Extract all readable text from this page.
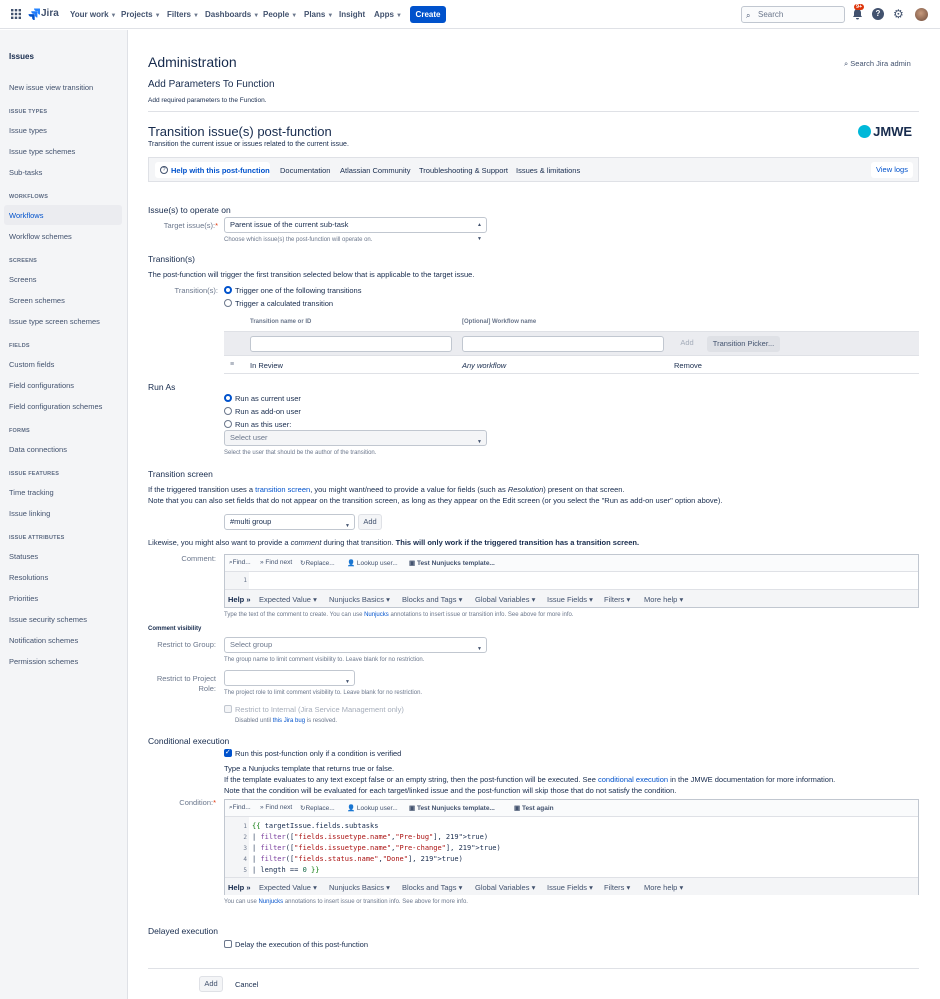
Jira Your work ▼ Projects ▼ Filters ▼ Dashboards ▼ People ▼ Plans ▼ Insight Apps ▼	Create	⌕ Search
9+
? ⚙
Issues
New issue view transition
ISSUE TYPES
Issue types
Issue type schemes
Sub-tasks
WORKFLOWS
Workflows
Workflow schemes
SCREENS
Screens
Screen schemes
Issue type screen schemes
FIELDS
Custom fields
Field configurations
Field configuration schemes
FORMS
Data connections
ISSUE FEATURES
Time tracking
Issue linking
ISSUE ATTRIBUTES
Statuses
Resolutions
Priorities
Issue security schemes
Notification schemes
Permission schemes
Administration	⌕ Search Jira admin
Add Parameters To Function
Add required parameters to the Function.
Transition issue(s) post-function
Transition the current issue or issues related to the current issue.
JMWE
? Help with this post-function Documentation Atlassian Community Troubleshooting & Support Issues & limitations	View logs
Issue(s) to operate on
Target issue(s):*	Parent issue of the current sub-task	▲
▼
Choose which issue(s) the post-function will operate on.
Transition(s)
The post-function will trigger the first transition selected below that is applicable to the target issue.
Transition(s): Trigger one of the following transitions
Trigger a calculated transition
Transition name or ID	[Optional] Workflow name
Add	Transition Picker...
≡ In Review	Any workflow	Remove
Run As
Run as current user
Run as add-on user
Run as this user:
Select user	▼
Select the user that should be the author of the transition.
Transition screen
If the triggered transition uses a transition screen, you might want/need to provide a value for fields (such as Resolution) present on that screen.
Note that you can also set fields that do not appear on the transition screen, as long as they appear on the Edit screen (or you select the "Run as add-on user" option above).
#multi group	▼	Add
Likewise, you might also want to provide a comment during that transition. This will only work if the triggered transition has a transition screen.
Comment: ⌕Find... » Find next ↻Replace... 👤 Lookup user... ▣ Test Nunjucks template...
1
Help » Expected Value ▾ Nunjucks Basics ▾ Blocks and Tags ▾ Global Variables ▾ Issue Fields ▾ Filters ▾ More help ▾
Type the text of the comment to create. You can use Nunjucks annotations to insert issue or transition info. See above for more info.
Comment visibility
Restrict to Group:	Select group	▼
The group name to limit comment visibility to. Leave blank for no restriction.
Restrict to Project
Role:
▼
The project role to limit comment visibility to. Leave blank for no restriction.
Restrict to Internal (Jira Service Management only)
Disabled until this Jira bug is resolved.
Conditional execution
✓
Run this post-function only if a condition is verified
Type a Nunjucks template that returns true or false.
If the template evaluates to any text except false or an empty string, then the post-function will be executed. See conditional execution in the JMWE documentation for more information.
Note that the condition will be evaluated for each target/linked issue and the post-function will skip those that do not satisfy the condition.
Condition:*
⌕Find... » Find next ↻Replace... 👤 Lookup user... ▣ Test Nunjucks template...	▣ Test again
1
2
3
4
5
{{ targetIssue.fields.subtasks
| filter(["fields.issuetype.name","Pre-bug"], 219">true)
| filter(["fields.issuetype.name","Pre-change"], 219">true)
| filter(["fields.status.name","Done"], 219">true)
| length == 0 }}
Help » Expected Value ▾ Nunjucks Basics ▾ Blocks and Tags ▾ Global Variables ▾ Issue Fields ▾ Filters ▾ More help ▾
You can use Nunjucks annotations to insert issue or transition info. See above for more info.
Delayed execution
Delay the execution of this post-function
Add	Cancel
